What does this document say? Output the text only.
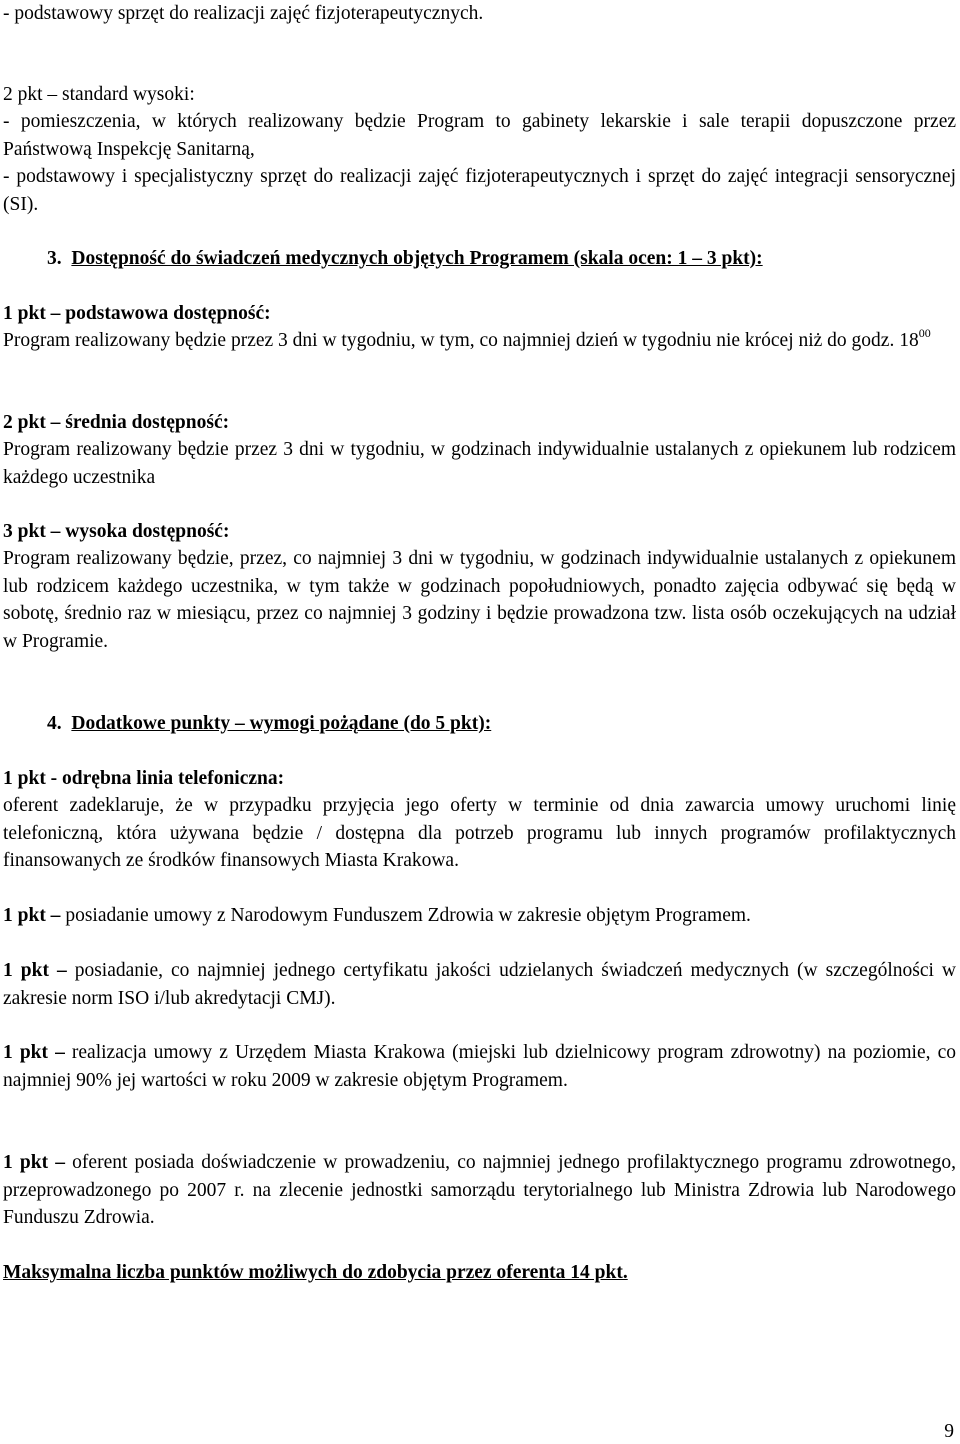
- podstawowy sprzęt do realizacji zajęć fizjoterapeutycznych.

2 pkt – standard wysoki:

- pomieszczenia, w których realizowany będzie Program to gabinety lekarskie i sale terapii dopuszczone przez Państwową Inspekcję Sanitarną,

- podstawowy i specjalistyczny sprzęt do realizacji zajęć fizjoterapeutycznych i sprzęt do zajęć integracji sensorycznej (SI).

3. Dostępność do świadczeń medycznych objętych Programem (skala ocen: 1 – 3 pkt):

1 pkt – podstawowa dostępność:

Program realizowany będzie przez 3 dni w tygodniu, w tym, co najmniej dzień w tygodniu nie krócej niż do godz. $18^{00}$

2 pkt – średnia dostępność:

Program realizowany będzie przez 3 dni w tygodniu, w godzinach indywidualnie ustalanych z opiekunem lub rodzicem każdego uczestnika

3 pkt – wysoka dostępność:

Program realizowany będzie, przez, co najmniej 3 dni w tygodniu, w godzinach indywidualnie ustalanych z opiekunem lub rodzicem każdego uczestnika, w tym także w godzinach popołudniowych, ponadto zajęcia odbywać się będą w sobotę, średnio raz w miesiącu, przez co najmniej 3 godziny i będzie prowadzona tzw. lista osób oczekujących na udział w Programie.

4. Dodatkowe punkty – wymogi pożądane (do 5 pkt):

1 pkt - odrębna linia telefoniczna:

oferent zadeklaruje, że w przypadku przyjęcia jego oferty w terminie od dnia zawarcia umowy uruchomi linię telefoniczną, która używana będzie / dostępna dla potrzeb programu lub innych programów profilaktycznych finansowanych ze środków finansowych Miasta Krakowa.

1 pkt – posiadanie umowy z Narodowym Funduszem Zdrowia w zakresie objętym Programem.

1 pkt – posiadanie, co najmniej jednego certyfikatu jakości udzielanych świadczeń medycznych (w szczególności w zakresie norm ISO i/lub akredytacji CMJ).

1 pkt – realizacja umowy z Urzędem Miasta Krakowa (miejski lub dzielnicowy program zdrowotny) na poziomie, co najmniej 90% jej wartości w roku 2009 w zakresie objętym Programem.

1 pkt – oferent posiada doświadczenie w prowadzeniu, co najmniej jednego profilaktycznego programu zdrowotnego, przeprowadzonego po 2007 r. na zlecenie jednostki samorządu terytorialnego lub Ministra Zdrowia lub Narodowego Funduszu Zdrowia.

Maksymalna liczba punktów możliwych do zdobycia przez oferenta 14 pkt.

9
